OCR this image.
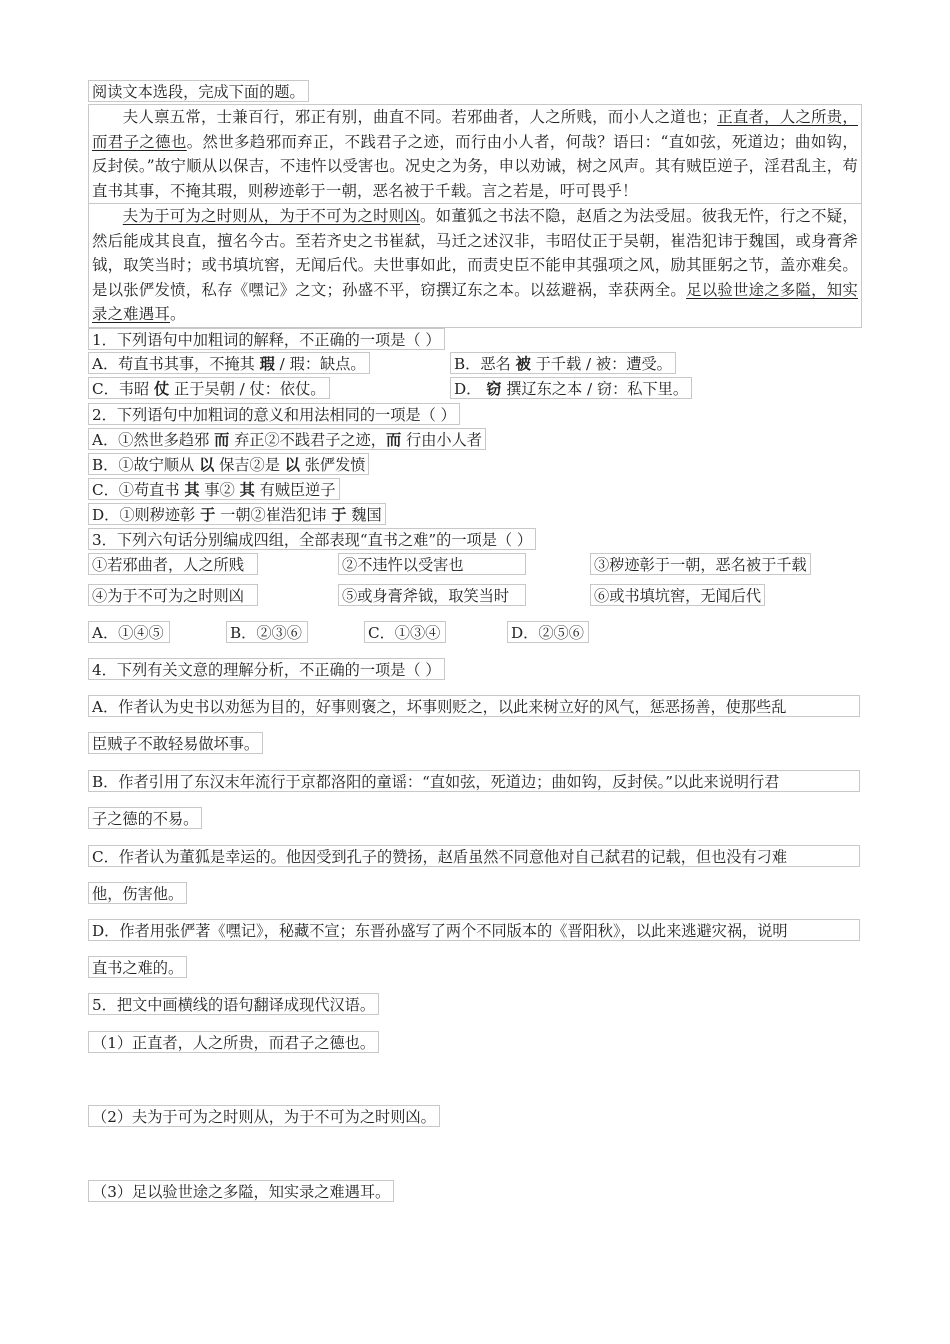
阅读文本选段，完成下面的题。
夫人禀五常，士兼百行，邪正有别，曲直不同。若邪曲者，人之所贱，而小人之道也；正直者，人之所贵，而君子之德也。然世多趋邪而弃正，不践君子之迹，而行由小人者，何哉？语曰：“直如弦，死道边；曲如钩，反封侯。”故宁顺从以保吉，不违忤以受害也。况史之为务，申以劝诫，树之风声。其有贼臣逆子，淫君乱主，苟直书其事，不掩其瑕，则秽迹彰于一朝，恶名被于千载。言之若是，吁可畏乎！
夫为于可为之时则从，为于不可为之时则凶。如董狐之书法不隐，赵盾之为法受屈。彼我无忤，行之不疑，然后能成其良直，擅名今古。至若齐史之书崔弑，马迁之述汉非，韦昭仗正于吴朝，崔浩犯讳于魏国，或身膏斧钺，取笑当时；或书填坑窖，无闻后代。夫世事如此，而责史臣不能申其强项之风，励其匪躬之节，盖亦难矣。是以张俨发愤，私存《嘿记》之文；孙盛不平，窃撰辽东之本。以兹避祸，幸获两全。足以验世途之多隘，知实录之难遇耳。
1．下列语句中加粗词的解释，不正确的一项是（ ）
A．苟直书其事，不掩其 瑕 / 瑕：缺点。	B．恶名 被 于千载 / 被：遭受。
C．韦昭 仗 正于吴朝 / 仗：依仗。	D． 窃 撰辽东之本 / 窃：私下里。
2．下列语句中加粗词的意义和用法相同的一项是（ ）
A．①然世多趋邪 而 弃正②不践君子之迹，而 行由小人者
B．①故宁顺从 以 保吉②是 以 张俨发愤
C．①苟直书 其 事② 其 有贼臣逆子
D．①则秽迹彰 于 一朝②崔浩犯讳 于 魏国
3．下列六句话分别编成四组，全部表现“直书之难”的一项是（ ）
①若邪曲者，人之所贱	②不违忤以受害也	③秽迹彰于一朝，恶名被于千载
④为于不可为之时则凶	⑤或身膏斧钺，取笑当时	⑥或书填坑窖，无闻后代
A．①④⑤	B．②③⑥	C．①③④	D．②⑤⑥
4．下列有关文意的理解分析，不正确的一项是（ ）
A．作者认为史书以劝惩为目的，好事则褒之，坏事则贬之，以此来树立好的风气，惩恶扬善，使那些乱
臣贼子不敢轻易做坏事。
B．作者引用了东汉末年流行于京都洛阳的童谣：“直如弦，死道边；曲如钩，反封侯。”以此来说明行君
子之德的不易。
C．作者认为董狐是幸运的。他因受到孔子的赞扬，赵盾虽然不同意他对自己弑君的记载，但也没有刁难
他，伤害他。
D．作者用张俨著《嘿记》，秘藏不宣；东晋孙盛写了两个不同版本的《晋阳秋》，以此来逃避灾祸，说明
直书之难的。
5．把文中画横线的语句翻译成现代汉语。
（1）正直者，人之所贵，而君子之德也。
（2）夫为于可为之时则从，为于不可为之时则凶。
（3）足以验世途之多隘，知实录之难遇耳。
